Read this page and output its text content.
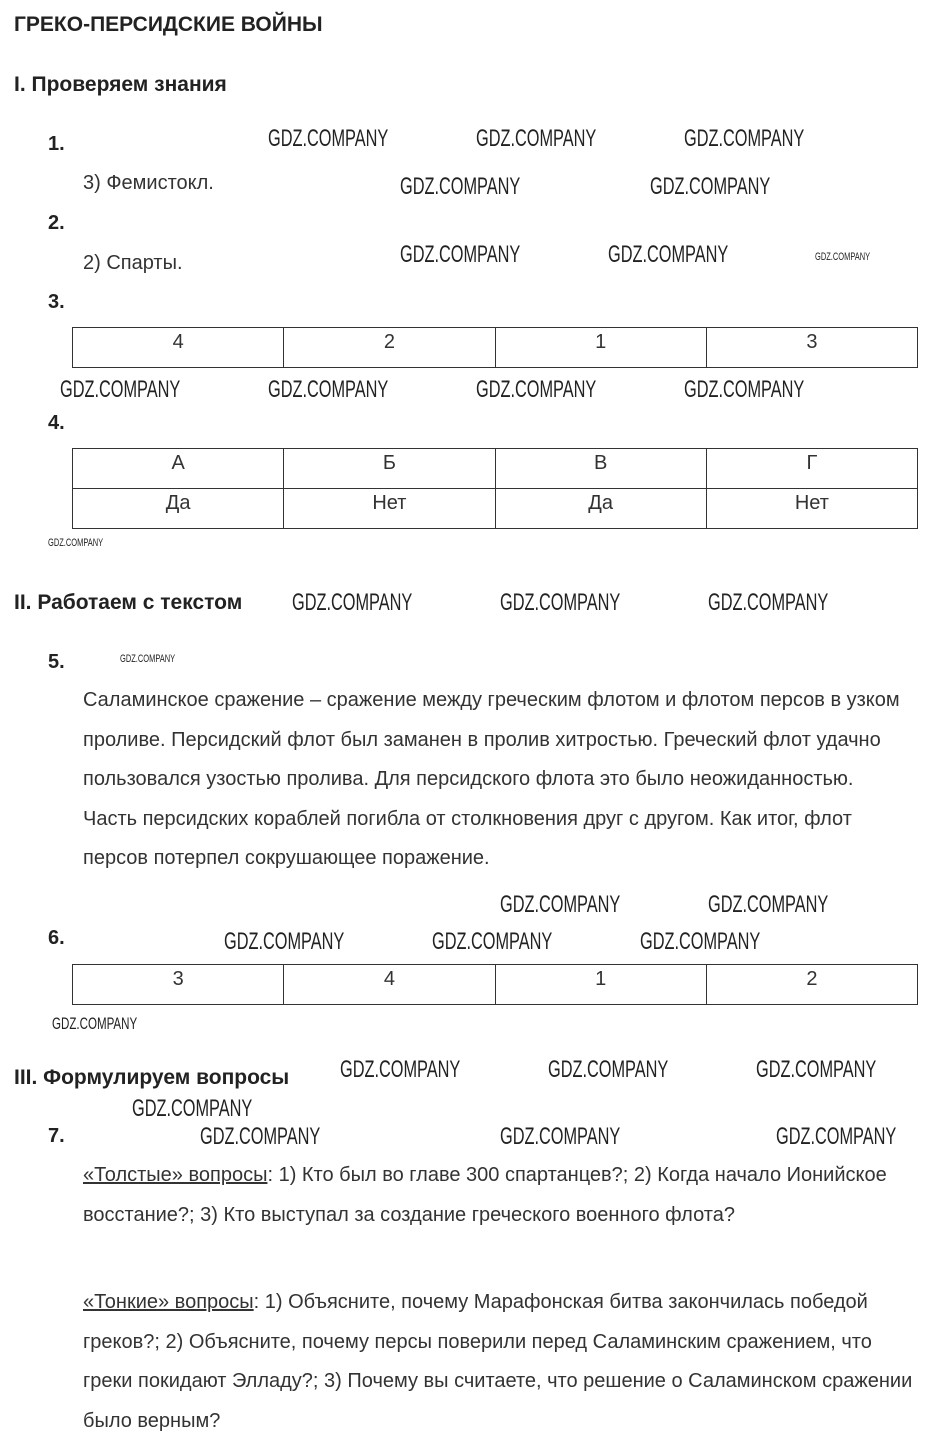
ГРЕКО-ПЕРСИДСКИЕ ВОЙНЫ
I. Проверяем знания
1.
3) Фемистокл.
2.
2) Спарты.
3.
4	2	1	3
4.
А	Б	В	Г
Да	Нет	Да	Нет
II. Работаем с текстом
5.
Саламинское сражение – сражение между греческим флотом и флотом персов в узком проливе. Персидский флот был заманен в пролив хитростью. Греческий флот удачно пользовался узостью пролива. Для персидского флота это было неожиданностью. Часть персидских кораблей погибла от столкновения друг с другом. Как итог, флот персов потерпел сокрушающее поражение.
6.
3	4	1	2
III. Формулируем вопросы
7.
«Толстые» вопросы: 1) Кто был во главе 300 спартанцев?; 2) Когда начало Ионийское восстание?; 3) Кто выступал за создание греческого военного флота?
«Тонкие» вопросы: 1) Объясните, почему Марафонская битва закончилась победой греков?; 2) Объясните, почему персы поверили перед Саламинским сражением, что греки покидают Элладу?; 3) Почему вы считаете, что решение о Саламинском сражении было верным?
GDZ.COMPANY	GDZ.COMPANY	GDZ.COMPANY
GDZ.COMPANY	GDZ.COMPANY
GDZ.COMPANY	GDZ.COMPANY	GDZ.COMPANY
GDZ.COMPANY	GDZ.COMPANY	GDZ.COMPANY	GDZ.COMPANY
GDZ.COMPANY
GDZ.COMPANY	GDZ.COMPANY	GDZ.COMPANY
GDZ.COMPANY
GDZ.COMPANY	GDZ.COMPANY
GDZ.COMPANY	GDZ.COMPANY	GDZ.COMPANY
GDZ.COMPANY
GDZ.COMPANY	GDZ.COMPANY	GDZ.COMPANY
GDZ.COMPANY
GDZ.COMPANY	GDZ.COMPANY	GDZ.COMPANY
